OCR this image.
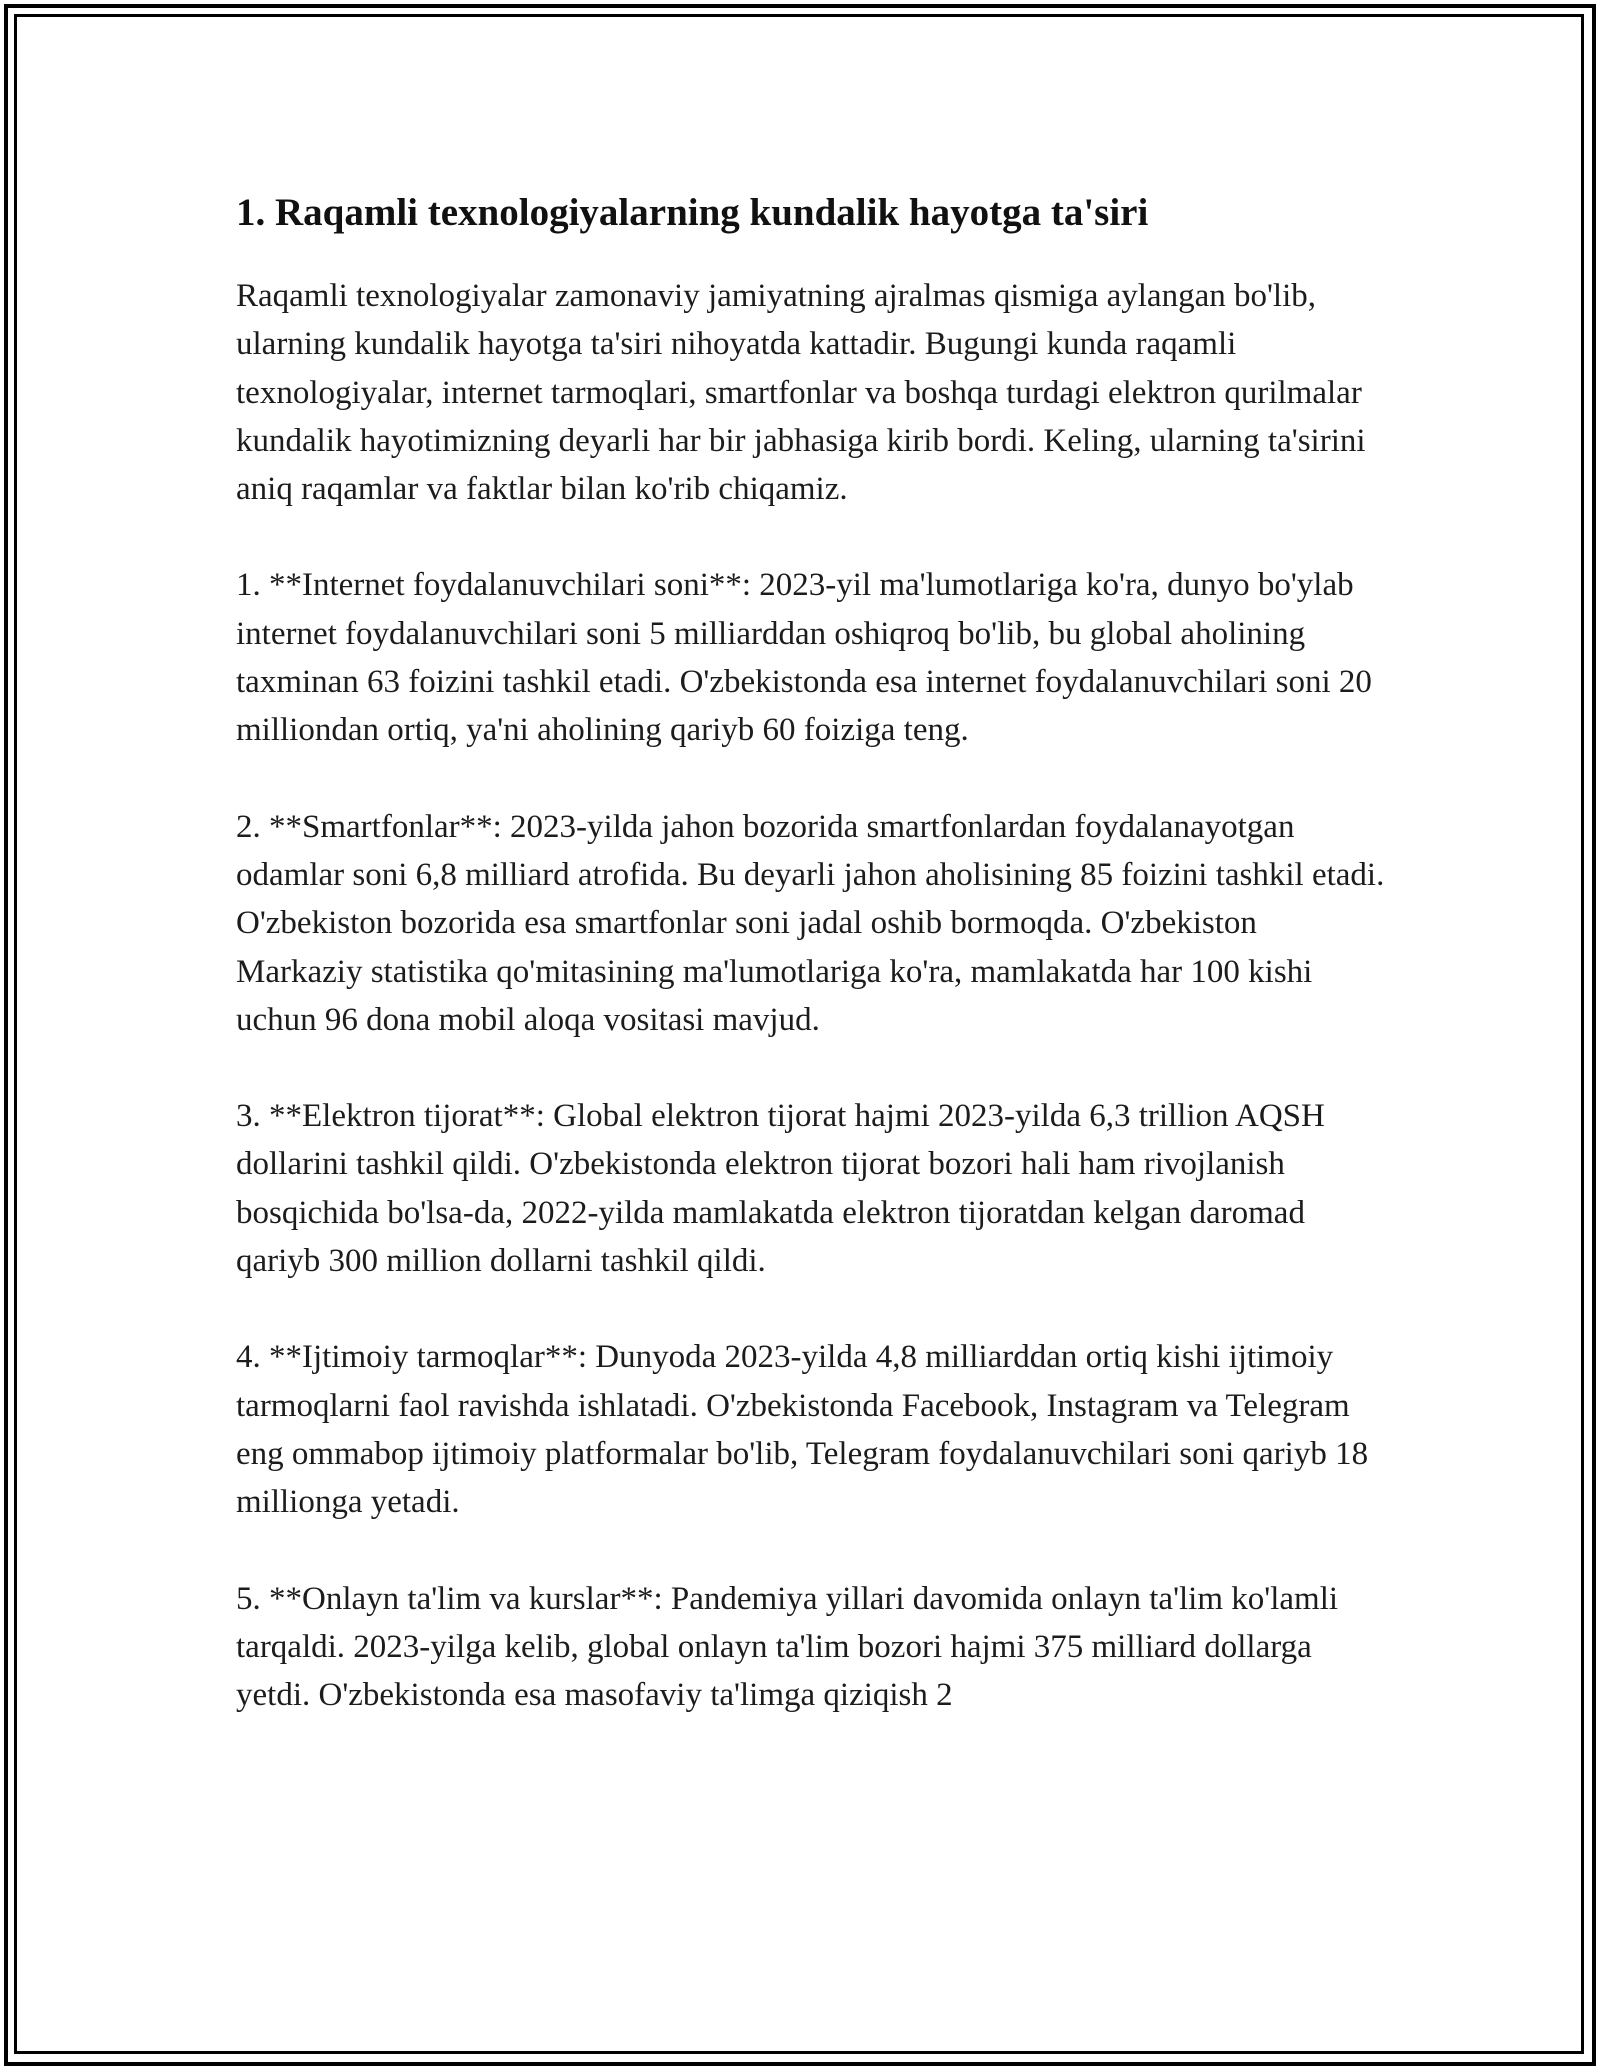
1. Raqamli texnologiyalarning kundalik hayotga ta'siri

Raqamli texnologiyalar zamonaviy jamiyatning ajralmas qismiga aylangan bo'lib, ularning kundalik hayotga ta'siri nihoyatda kattadir. Bugungi kunda raqamli texnologiyalar, internet tarmoqlari, smartfonlar va boshqa turdagi elektron qurilmalar kundalik hayotimizning deyarli har bir jabhasiga kirib bordi. Keling, ularning ta'sirini aniq raqamlar va faktlar bilan ko'rib chiqamiz.

1. **Internet foydalanuvchilari soni**: 2023-yil ma'lumotlariga ko'ra, dunyo bo'ylab internet foydalanuvchilari soni 5 milliarddan oshiqroq bo'lib, bu global aholining taxminan 63 foizini tashkil etadi. O'zbekistonda esa internet foydalanuvchilari soni 20 milliondan ortiq, ya'ni aholining qariyb 60 foiziga teng.

2. **Smartfonlar**: 2023-yilda jahon bozorida smartfonlardan foydalanayotgan odamlar soni 6,8 milliard atrofida. Bu deyarli jahon aholisining 85 foizini tashkil etadi. O'zbekiston bozorida esa smartfonlar soni jadal oshib bormoqda. O'zbekiston Markaziy statistika qo'mitasining ma'lumotlariga ko'ra, mamlakatda har 100 kishi uchun 96 dona mobil aloqa vositasi mavjud.

3. **Elektron tijorat**: Global elektron tijorat hajmi 2023-yilda 6,3 trillion AQSH dollarini tashkil qildi. O'zbekistonda elektron tijorat bozori hali ham rivojlanish bosqichida bo'lsa-da, 2022-yilda mamlakatda elektron tijoratdan kelgan daromad qariyb 300 million dollarni tashkil qildi.

4. **Ijtimoiy tarmoqlar**: Dunyoda 2023-yilda 4,8 milliarddan ortiq kishi ijtimoiy tarmoqlarni faol ravishda ishlatadi. O'zbekistonda Facebook, Instagram va Telegram eng ommabop ijtimoiy platformalar bo'lib, Telegram foydalanuvchilari soni qariyb 18 millionga yetadi.

5. **Onlayn ta'lim va kurslar**: Pandemiya yillari davomida onlayn ta'lim ko'lamli tarqaldi. 2023-yilga kelib, global onlayn ta'lim bozori hajmi 375 milliard dollarga yetdi. O'zbekistonda esa masofaviy ta'limga qiziqish 2
